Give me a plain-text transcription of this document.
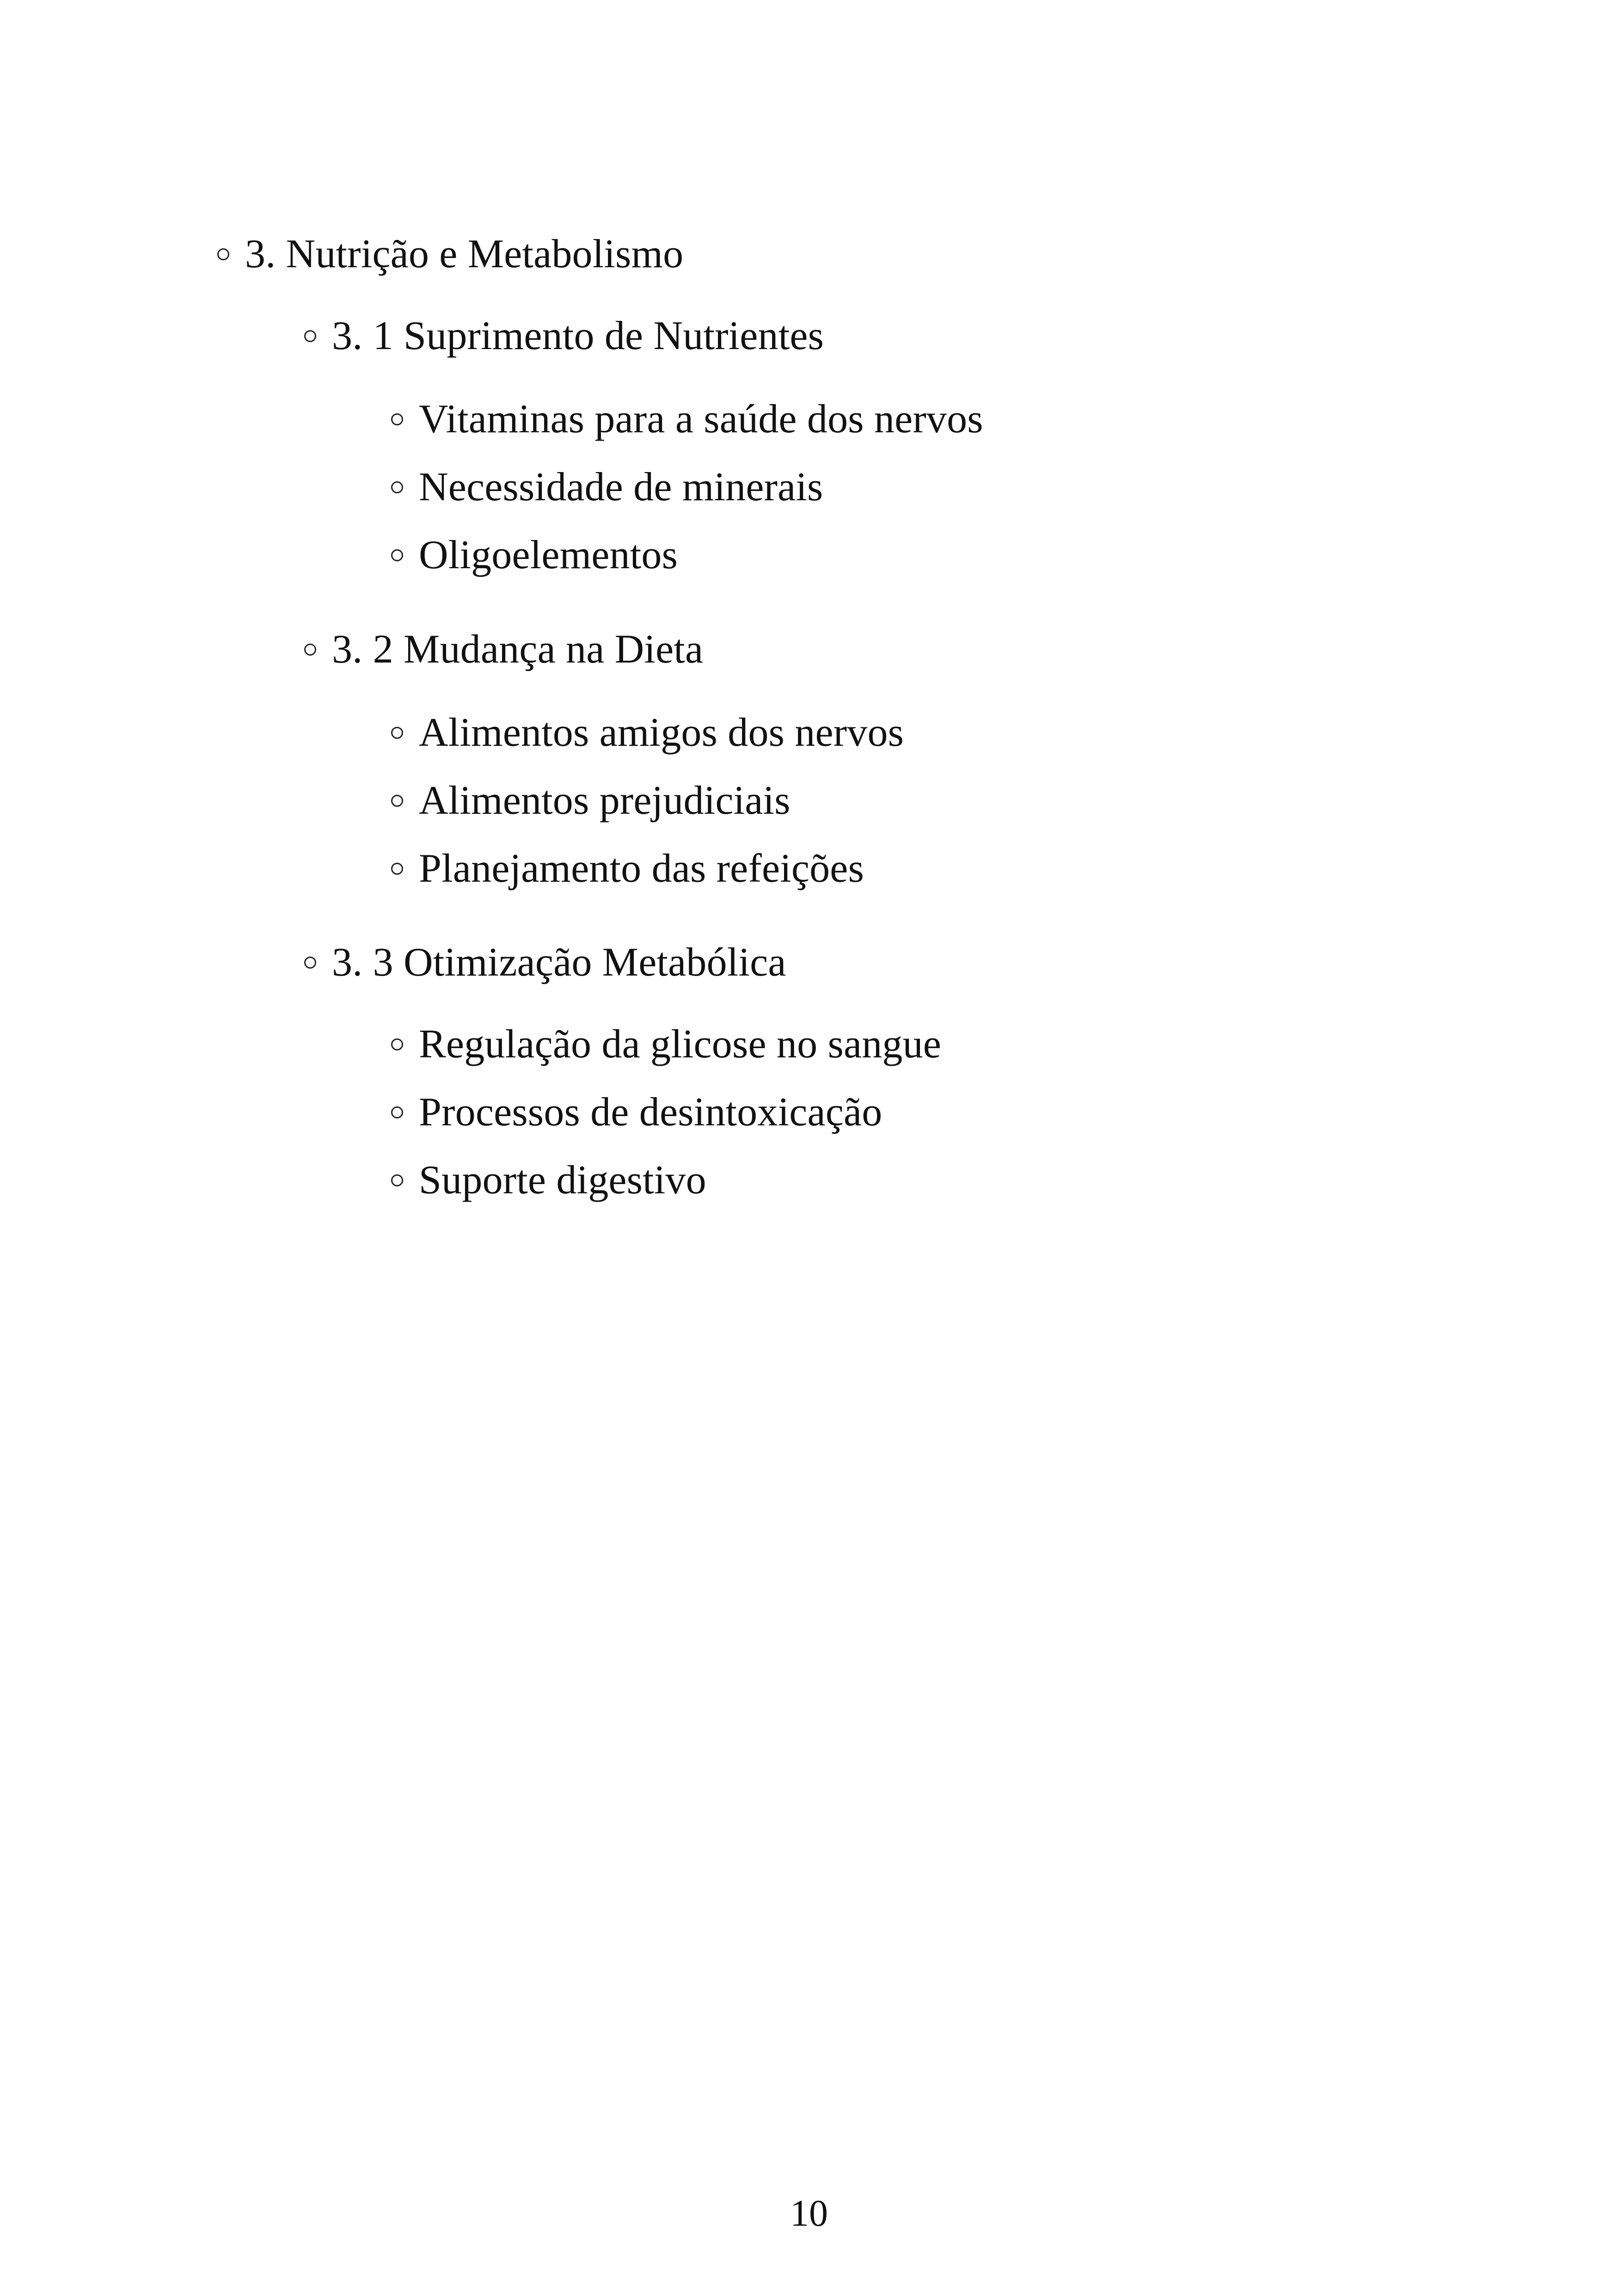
3. Nutrição e Metabolismo
3. 1 Suprimento de Nutrientes
Vitaminas para a saúde dos nervos
Necessidade de minerais
Oligoelementos
3. 2 Mudança na Dieta
Alimentos amigos dos nervos
Alimentos prejudiciais
Planejamento das refeições
3. 3 Otimização Metabólica
Regulação da glicose no sangue
Processos de desintoxicação
Suporte digestivo
10
